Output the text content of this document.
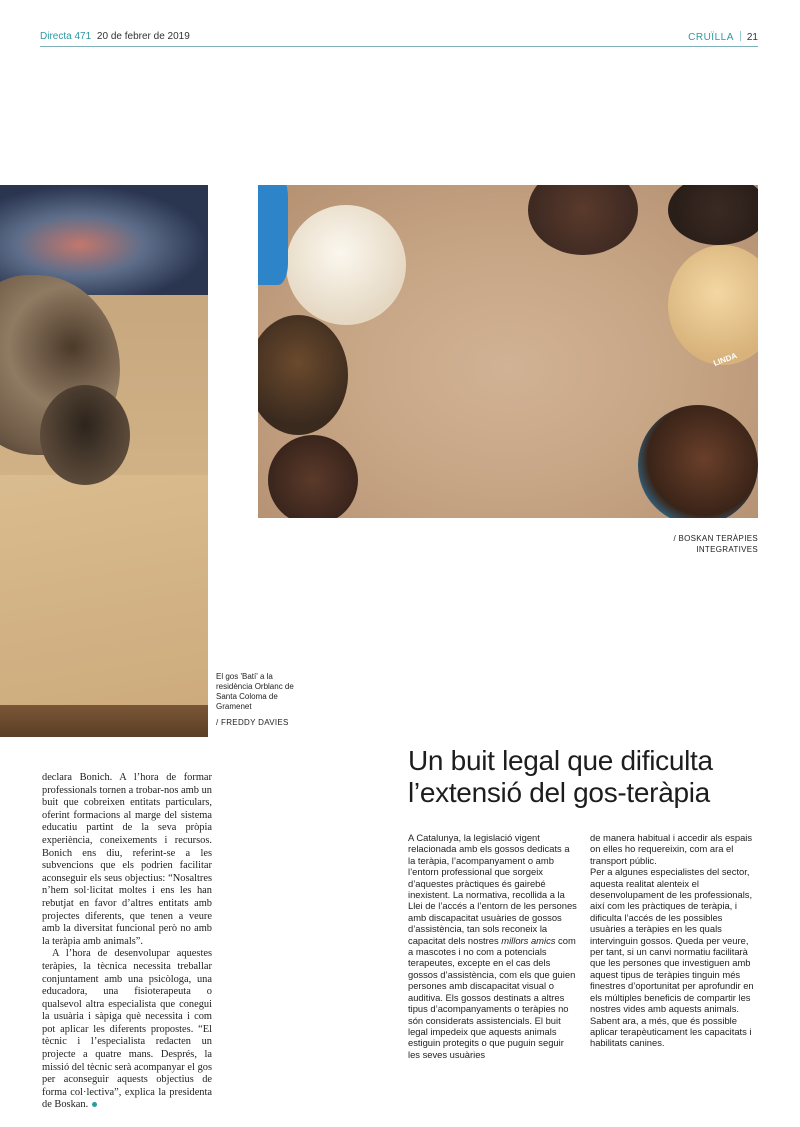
Directa 471 20 de febrer de 2019	CRUÏLLA 21
LINDA
/ BOSKAN TERÀPIES
INTEGRATIVES
El gos 'Batí' a la residència Orblanc de Santa Coloma de Gramenet
/ FREDDY DAVIES
Un buit legal que dificulta l’extensió del gos-teràpia

declara Bonich. A l’hora de formar professionals tornen a trobar-nos amb un buit que cobreixen entitats particulars, oferint formacions al marge del sistema educatiu partint de la seva pròpia experiència, coneixements i recursos. Bonich ens diu, referint-se a les subvencions que els podrien facilitar aconseguir els seus objectius: “Nosaltres n’hem sol·licitat moltes i ens les han rebutjat en favor d’altres entitats amb projectes diferents, que tenen a veure amb la diversitat funcional però no amb la teràpia amb animals”.

A l’hora de desenvolupar aquestes teràpies, la tècnica necessita treballar conjuntament amb una psicòloga, una educadora, una fisioterapeuta o qualsevol altra especialista que conegui la usuària i sàpiga què necessita i com pot aplicar les diferents propostes. “El tècnic i l’especialista redacten un projecte a quatre mans. Després, la missió del tècnic serà acompanyar el gos per aconseguir aquests objectius de forma col·lectiva”, explica la presidenta de Boskan.

A Catalunya, la legislació vigent relacionada amb els gossos dedicats a la teràpia, l’acompanyament o amb l’entorn professional que sorgeix d’aquestes pràctiques és gairebé inexistent. La normativa, recollida a la Llei de l’accés a l’entorn de les persones amb discapacitat usuàries de gossos d’assistència, tan sols reconeix la capacitat dels nostres millors amics com a mascotes i no com a potencials terapeutes, excepte en el cas dels gossos d’assistència, com els que guien persones amb discapacitat visual o auditiva. Els gossos destinats a altres tipus d’acompanyaments o teràpies no són considerats assistencials. El buit legal impedeix que aquests animals estiguin protegits o que puguin seguir les seves usuàries

de manera habitual i accedir als espais on elles ho requereixin, com ara el transport públic.

Per a algunes especialistes del sector, aquesta realitat alenteix el desenvolupament de les professionals, així com les pràctiques de teràpia, i dificulta l’accés de les possibles usuàries a teràpies en les quals intervinguin gossos. Queda per veure, per tant, si un canvi normatiu facilitarà que les persones que investiguen amb aquest tipus de teràpies tinguin més finestres d’oportunitat per aprofundir en els múltiples beneficis de compartir les nostres vides amb aquests animals. Sabent ara, a més, que és possible aplicar terapèuticament les capacitats i habilitats canines.
